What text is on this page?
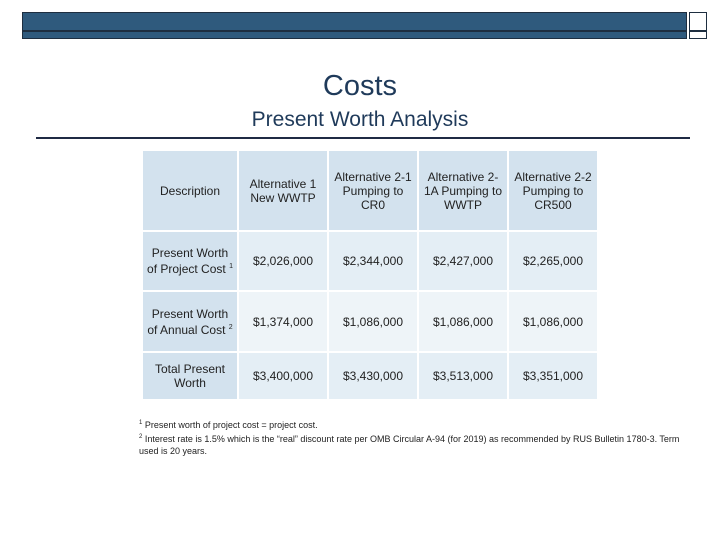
Costs
Present Worth Analysis
Description	Alternative 1 New WWTP	Alternative 2-1 Pumping to CR0	Alternative 2-1A Pumping to WWTP	Alternative 2-2 Pumping to CR500
Present Worth of Project Cost $^1$	$2,026,000	$2,344,000	$2,427,000	$2,265,000
Present Worth of Annual Cost $^2$	$1,374,000	$1,086,000	$1,086,000	$1,086,000
Total Present Worth	$3,400,000	$3,430,000	$3,513,000	$3,351,000
$^1$ Present worth of project cost = project cost.
$^2$ Interest rate is 1.5% which is the “real” discount rate per OMB Circular A-94 (for 2019) as recommended by RUS Bulletin 1780-3. Term used is 20 years.
